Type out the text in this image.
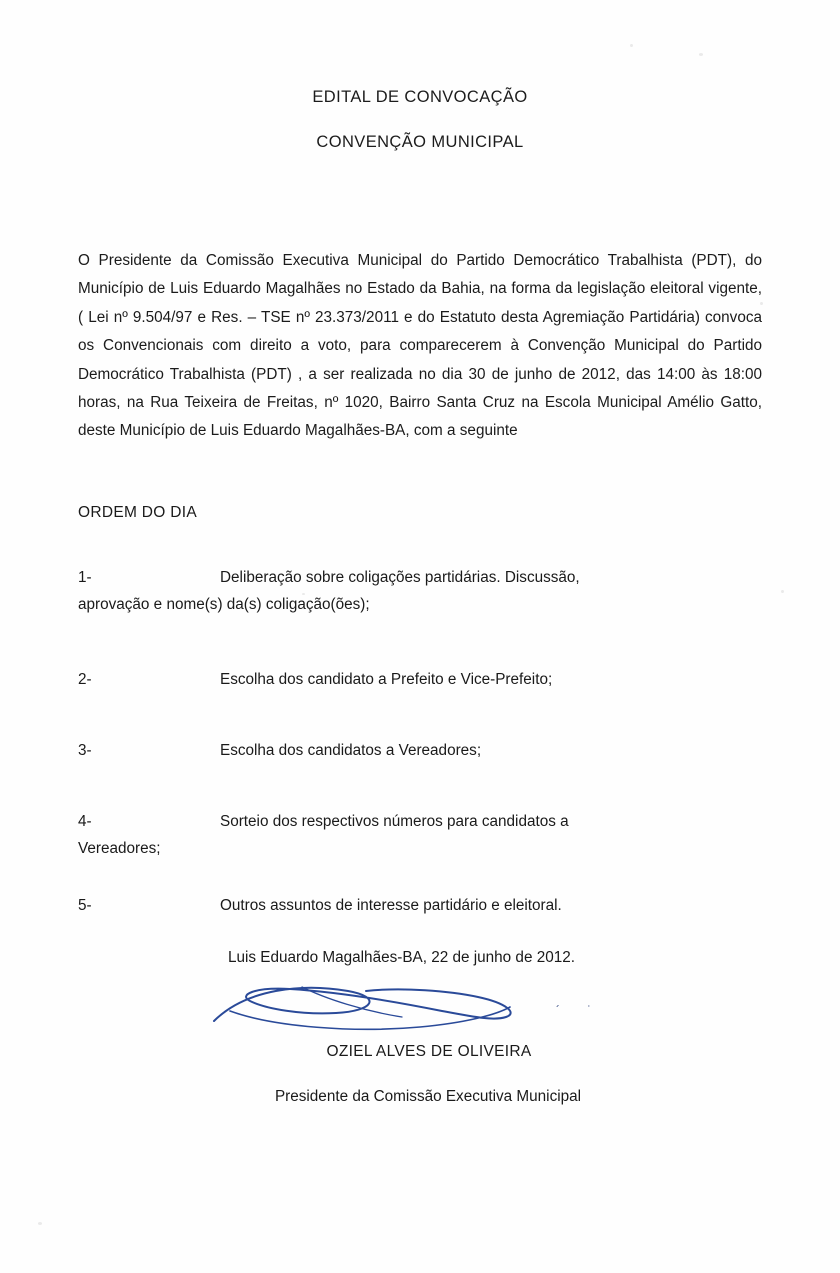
EDITAL DE CONVOCAÇÃO
CONVENÇÃO MUNICIPAL

O Presidente da Comissão Executiva Municipal do Partido Democrático Trabalhista (PDT), do Município de Luis Eduardo Magalhães no Estado da Bahia, na forma da legislação eleitoral vigente, ( Lei nº 9.504/97 e Res. – TSE nº 23.373/2011 e do Estatuto desta Agremiação Partidária) convoca os Convencionais com direito a voto, para comparecerem à Convenção Municipal do Partido Democrático Trabalhista (PDT) , a ser realizada no dia 30 de junho de 2012, das 14:00 às 18:00 horas, na Rua Teixeira de Freitas, nº 1020, Bairro Santa Cruz na Escola Municipal Amélio Gatto, deste Município de Luis Eduardo Magalhães-BA, com a seguinte

ORDEM DO DIA
1-	Deliberação sobre coligações partidárias. Discussão,
aprovação e nome(s) da(s) coligação(ões);
2-	Escolha dos candidato a Prefeito e Vice-Prefeito;
3-	Escolha dos candidatos a Vereadores;
4-	Sorteio dos respectivos números para candidatos a
Vereadores;
5-	Outros assuntos de interesse partidário e eleitoral.
Luis Eduardo Magalhães-BA, 22 de junho de 2012.
´ ˙
OZIEL ALVES DE OLIVEIRA
Presidente da Comissão Executiva Municipal
